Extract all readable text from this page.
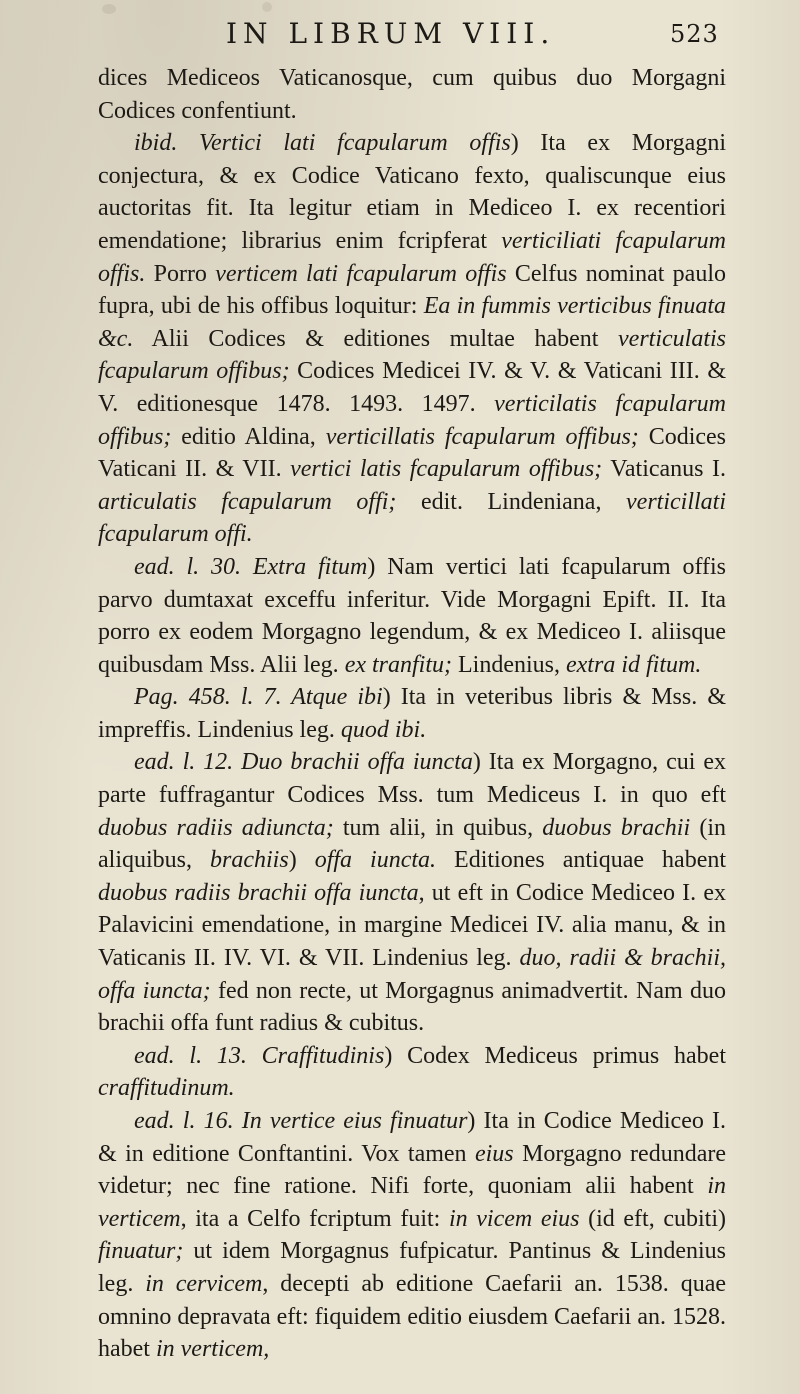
IN LIBRUM VIII.	523

dices Mediceos Vaticanosque, cum quibus duo Morgagni Codices confentiunt.

ibid. Vertici lati fcapularum offis) Ita ex Morgagni conjectura, & ex Codice Vaticano fexto, qualiscunque eius auctoritas fit. Ita legitur etiam in Mediceo I. ex recentiori emendatione; librarius enim fcripferat verticiliati fcapularum offis. Porro verticem lati fcapularum offis Celfus nominat paulo fupra, ubi de his offibus loquitur: Ea in fummis verticibus finuata &c. Alii Codices & editiones multae habent verticulatis fcapularum offibus; Codices Medicei IV. & V. & Vaticani III. & V. editionesque 1478. 1493. 1497. verticilatis fcapularum offibus; editio Aldina, verticillatis fcapularum offibus; Codices Vaticani II. & VII. vertici latis fcapularum offibus; Vaticanus I. articulatis fcapularum offi; edit. Lindeniana, verticillati fcapularum offi.

ead. l. 30. Extra fitum) Nam vertici lati fcapularum offis parvo dumtaxat exceffu inferitur. Vide Morgagni Epift. II. Ita porro ex eodem Morgagno legendum, & ex Mediceo I. aliisque quibusdam Mss. Alii leg. ex tranfitu; Lindenius, extra id fitum.

Pag. 458. l. 7. Atque ibi) Ita in veteribus libris & Mss. & impreffis. Lindenius leg. quod ibi.

ead. l. 12. Duo brachii offa iuncta) Ita ex Morgagno, cui ex parte fuffragantur Codices Mss. tum Mediceus I. in quo eft duobus radiis adiuncta; tum alii, in quibus, duobus brachii (in aliquibus, brachiis) offa iuncta. Editiones antiquae habent duobus radiis brachii offa iuncta, ut eft in Codice Mediceo I. ex Palavicini emendatione, in margine Medicei IV. alia manu, & in Vaticanis II. IV. VI. & VII. Lindenius leg. duo, radii & brachii, offa iuncta; fed non recte, ut Morgagnus animadvertit. Nam duo brachii offa funt radius & cubitus.

ead. l. 13. Craffitudinis) Codex Mediceus primus habet craffitudinum.

ead. l. 16. In vertice eius finuatur) Ita in Codice Mediceo I. & in editione Conftantini. Vox tamen eius Morgagno redundare videtur; nec fine ratione. Nifi forte, quoniam alii habent in verticem, ita a Celfo fcriptum fuit: in vicem eius (id eft, cubiti) finuatur; ut idem Morgagnus fufpicatur. Pantinus & Lindenius leg. in cervicem, decepti ab editione Caefarii an. 1538. quae omnino depravata eft: fiquidem editio eiusdem Caefarii an. 1528. habet in verticem,
